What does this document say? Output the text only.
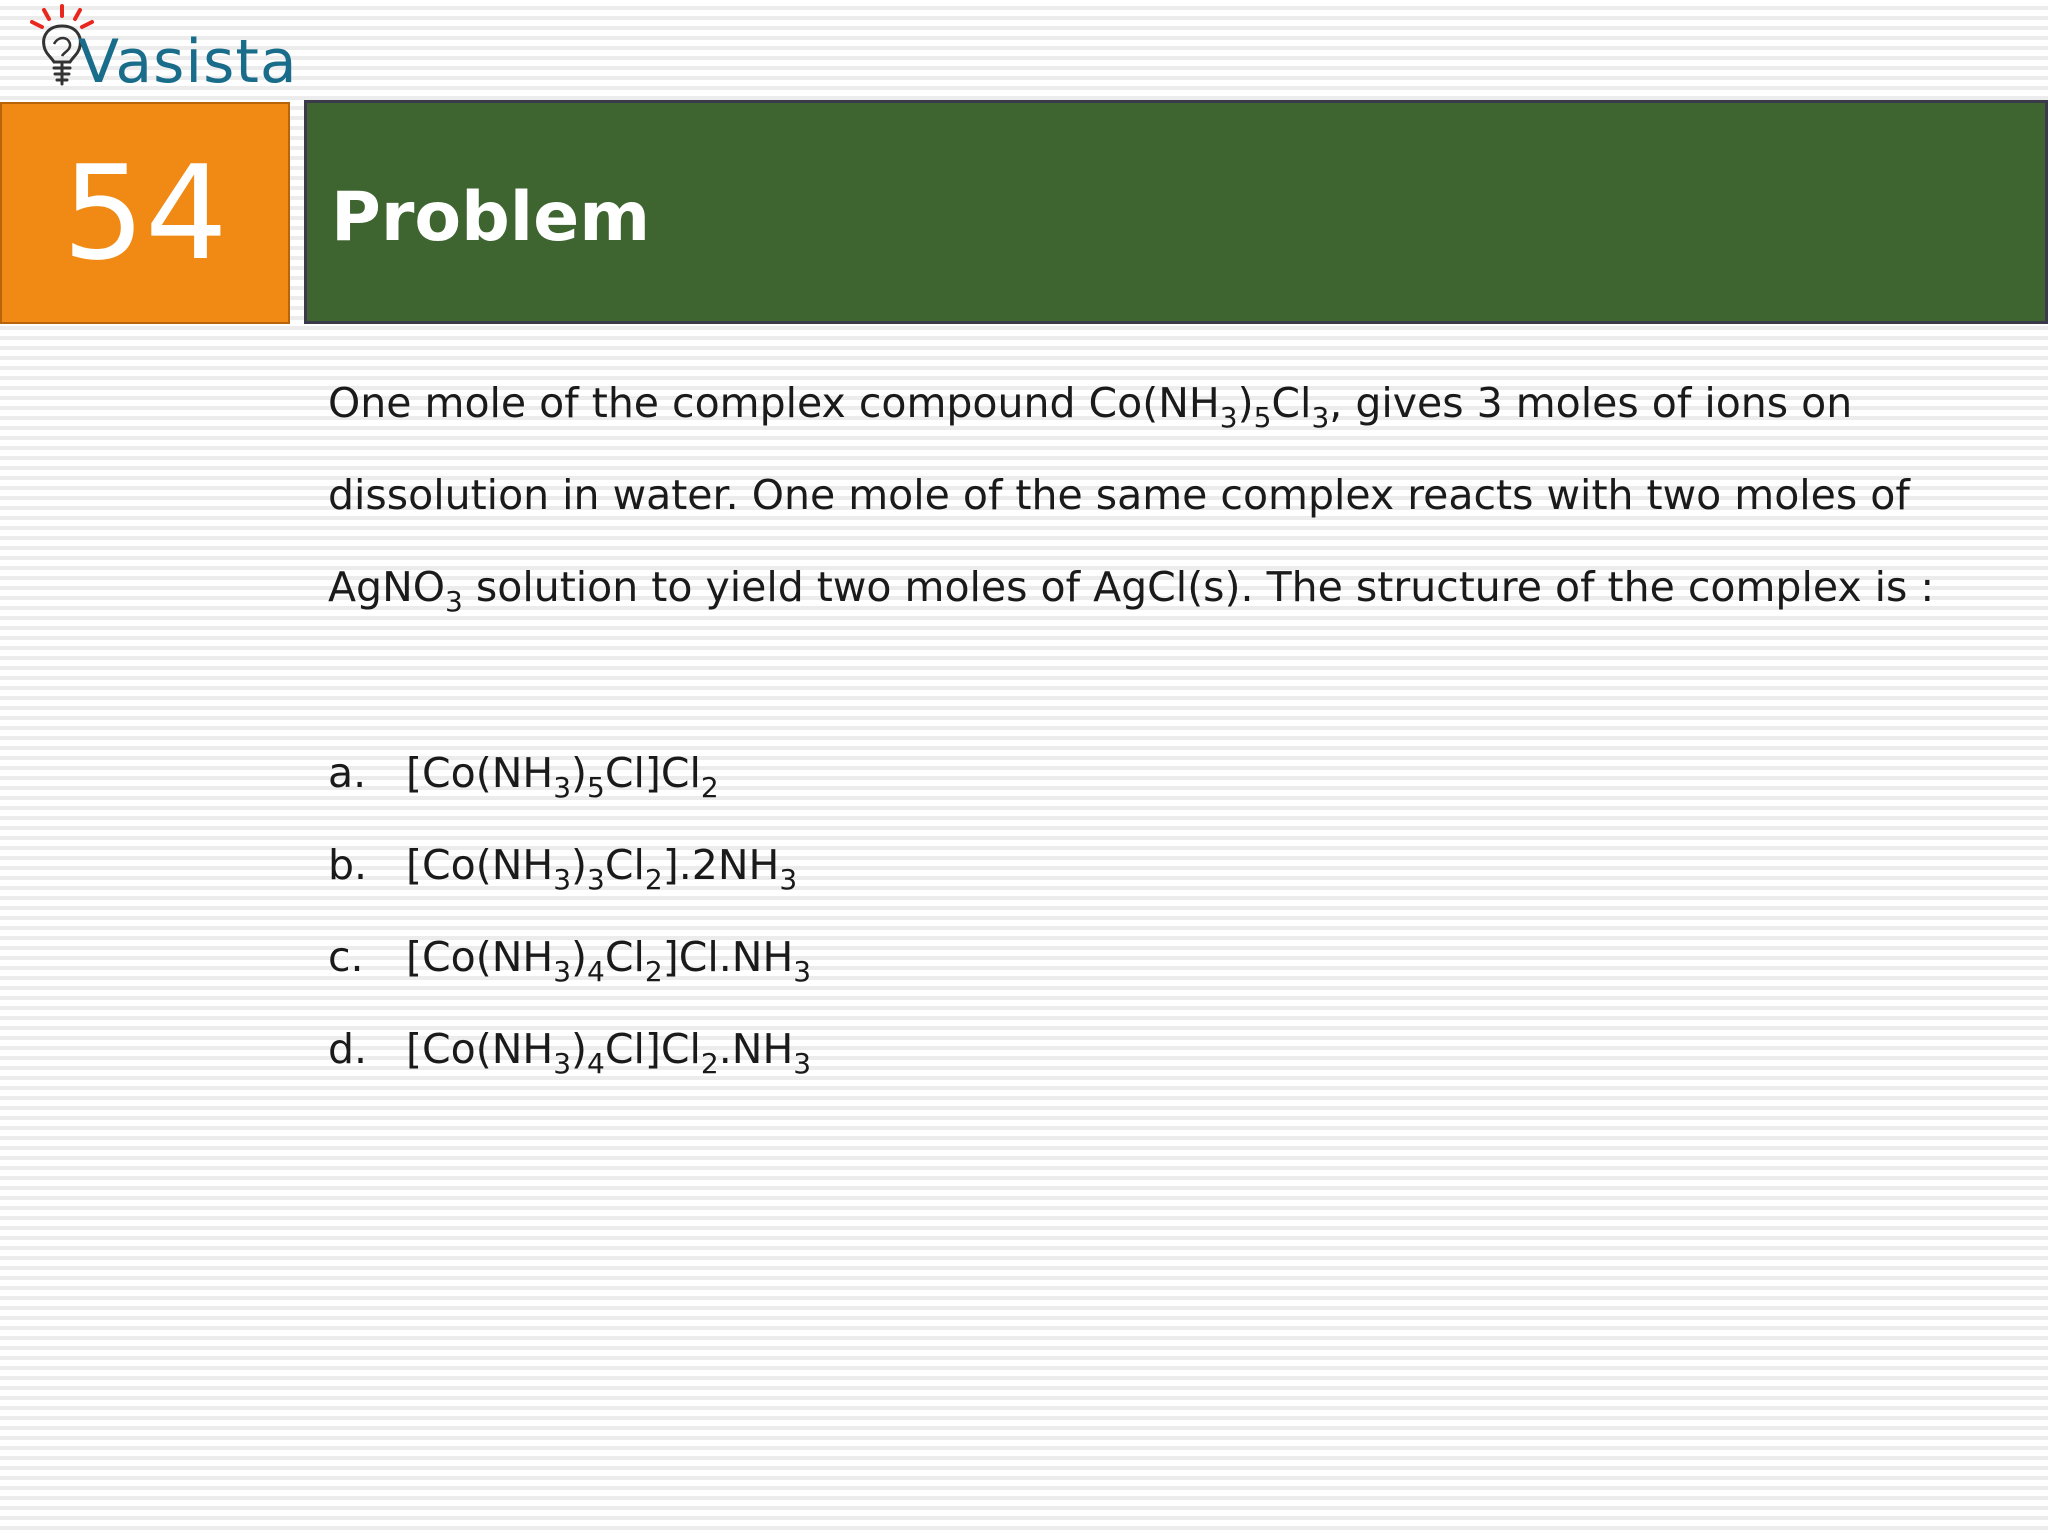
Vasista
54 Problem
One mole of the complex compound $Co(NH_3)_5Cl_3$, gives 3 moles of ions on
dissolution in water. One mole of the same complex reacts with two moles of
AgNO$_3$ solution to yield two moles of AgCl(s). The structure of the complex is :
a. $[Co(NH_3)_5Cl]Cl_2$
b. $[Co(NH_3)_3Cl_2].2NH_3$
c.	$[Co(NH_3)_4Cl_2]Cl.NH_3$
d. $[Co(NH_3)_4Cl]Cl_2.NH_3$
